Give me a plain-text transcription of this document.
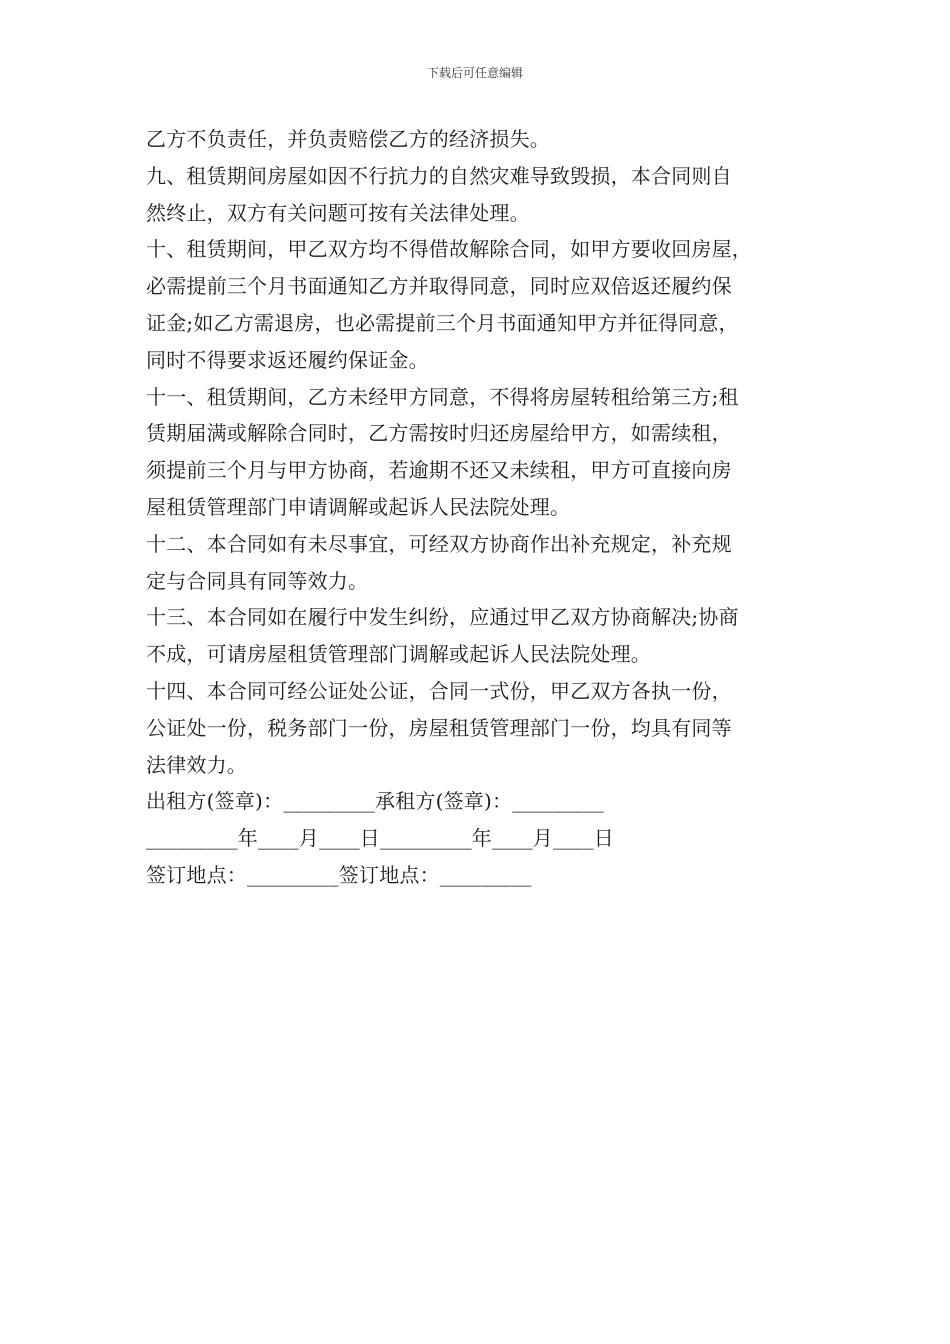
下载后可任意编辑
乙方不负责任，并负责赔偿乙方的经济损失。
九、租赁期间房屋如因不行抗力的自然灾难导致毁损，本合同则自
然终止，双方有关问题可按有关法律处理。
十、租赁期间，甲乙双方均不得借故解除合同，如甲方要收回房屋，
必需提前三个月书面通知乙方并取得同意，同时应双倍返还履约保
证金;如乙方需退房，也必需提前三个月书面通知甲方并征得同意，
同时不得要求返还履约保证金。
十一、租赁期间，乙方未经甲方同意，不得将房屋转租给第三方;租
赁期届满或解除合同时，乙方需按时归还房屋给甲方，如需续租，
须提前三个月与甲方协商，若逾期不还又未续租，甲方可直接向房
屋租赁管理部门申请调解或起诉人民法院处理。
十二、本合同如有未尽事宜，可经双方协商作出补充规定，补充规
定与合同具有同等效力。
十三、本合同如在履行中发生纠纷，应通过甲乙双方协商解决;协商
不成，可请房屋租赁管理部门调解或起诉人民法院处理。
十四、本合同可经公证处公证，合同一式份，甲乙双方各执一份，
公证处一份，税务部门一份，房屋租赁管理部门一份，均具有同等
法律效力。
出租方(签章)：_________承租方(签章)：_________
_________年____月____日_________年____月____日
签订地点：_________签订地点：_________
